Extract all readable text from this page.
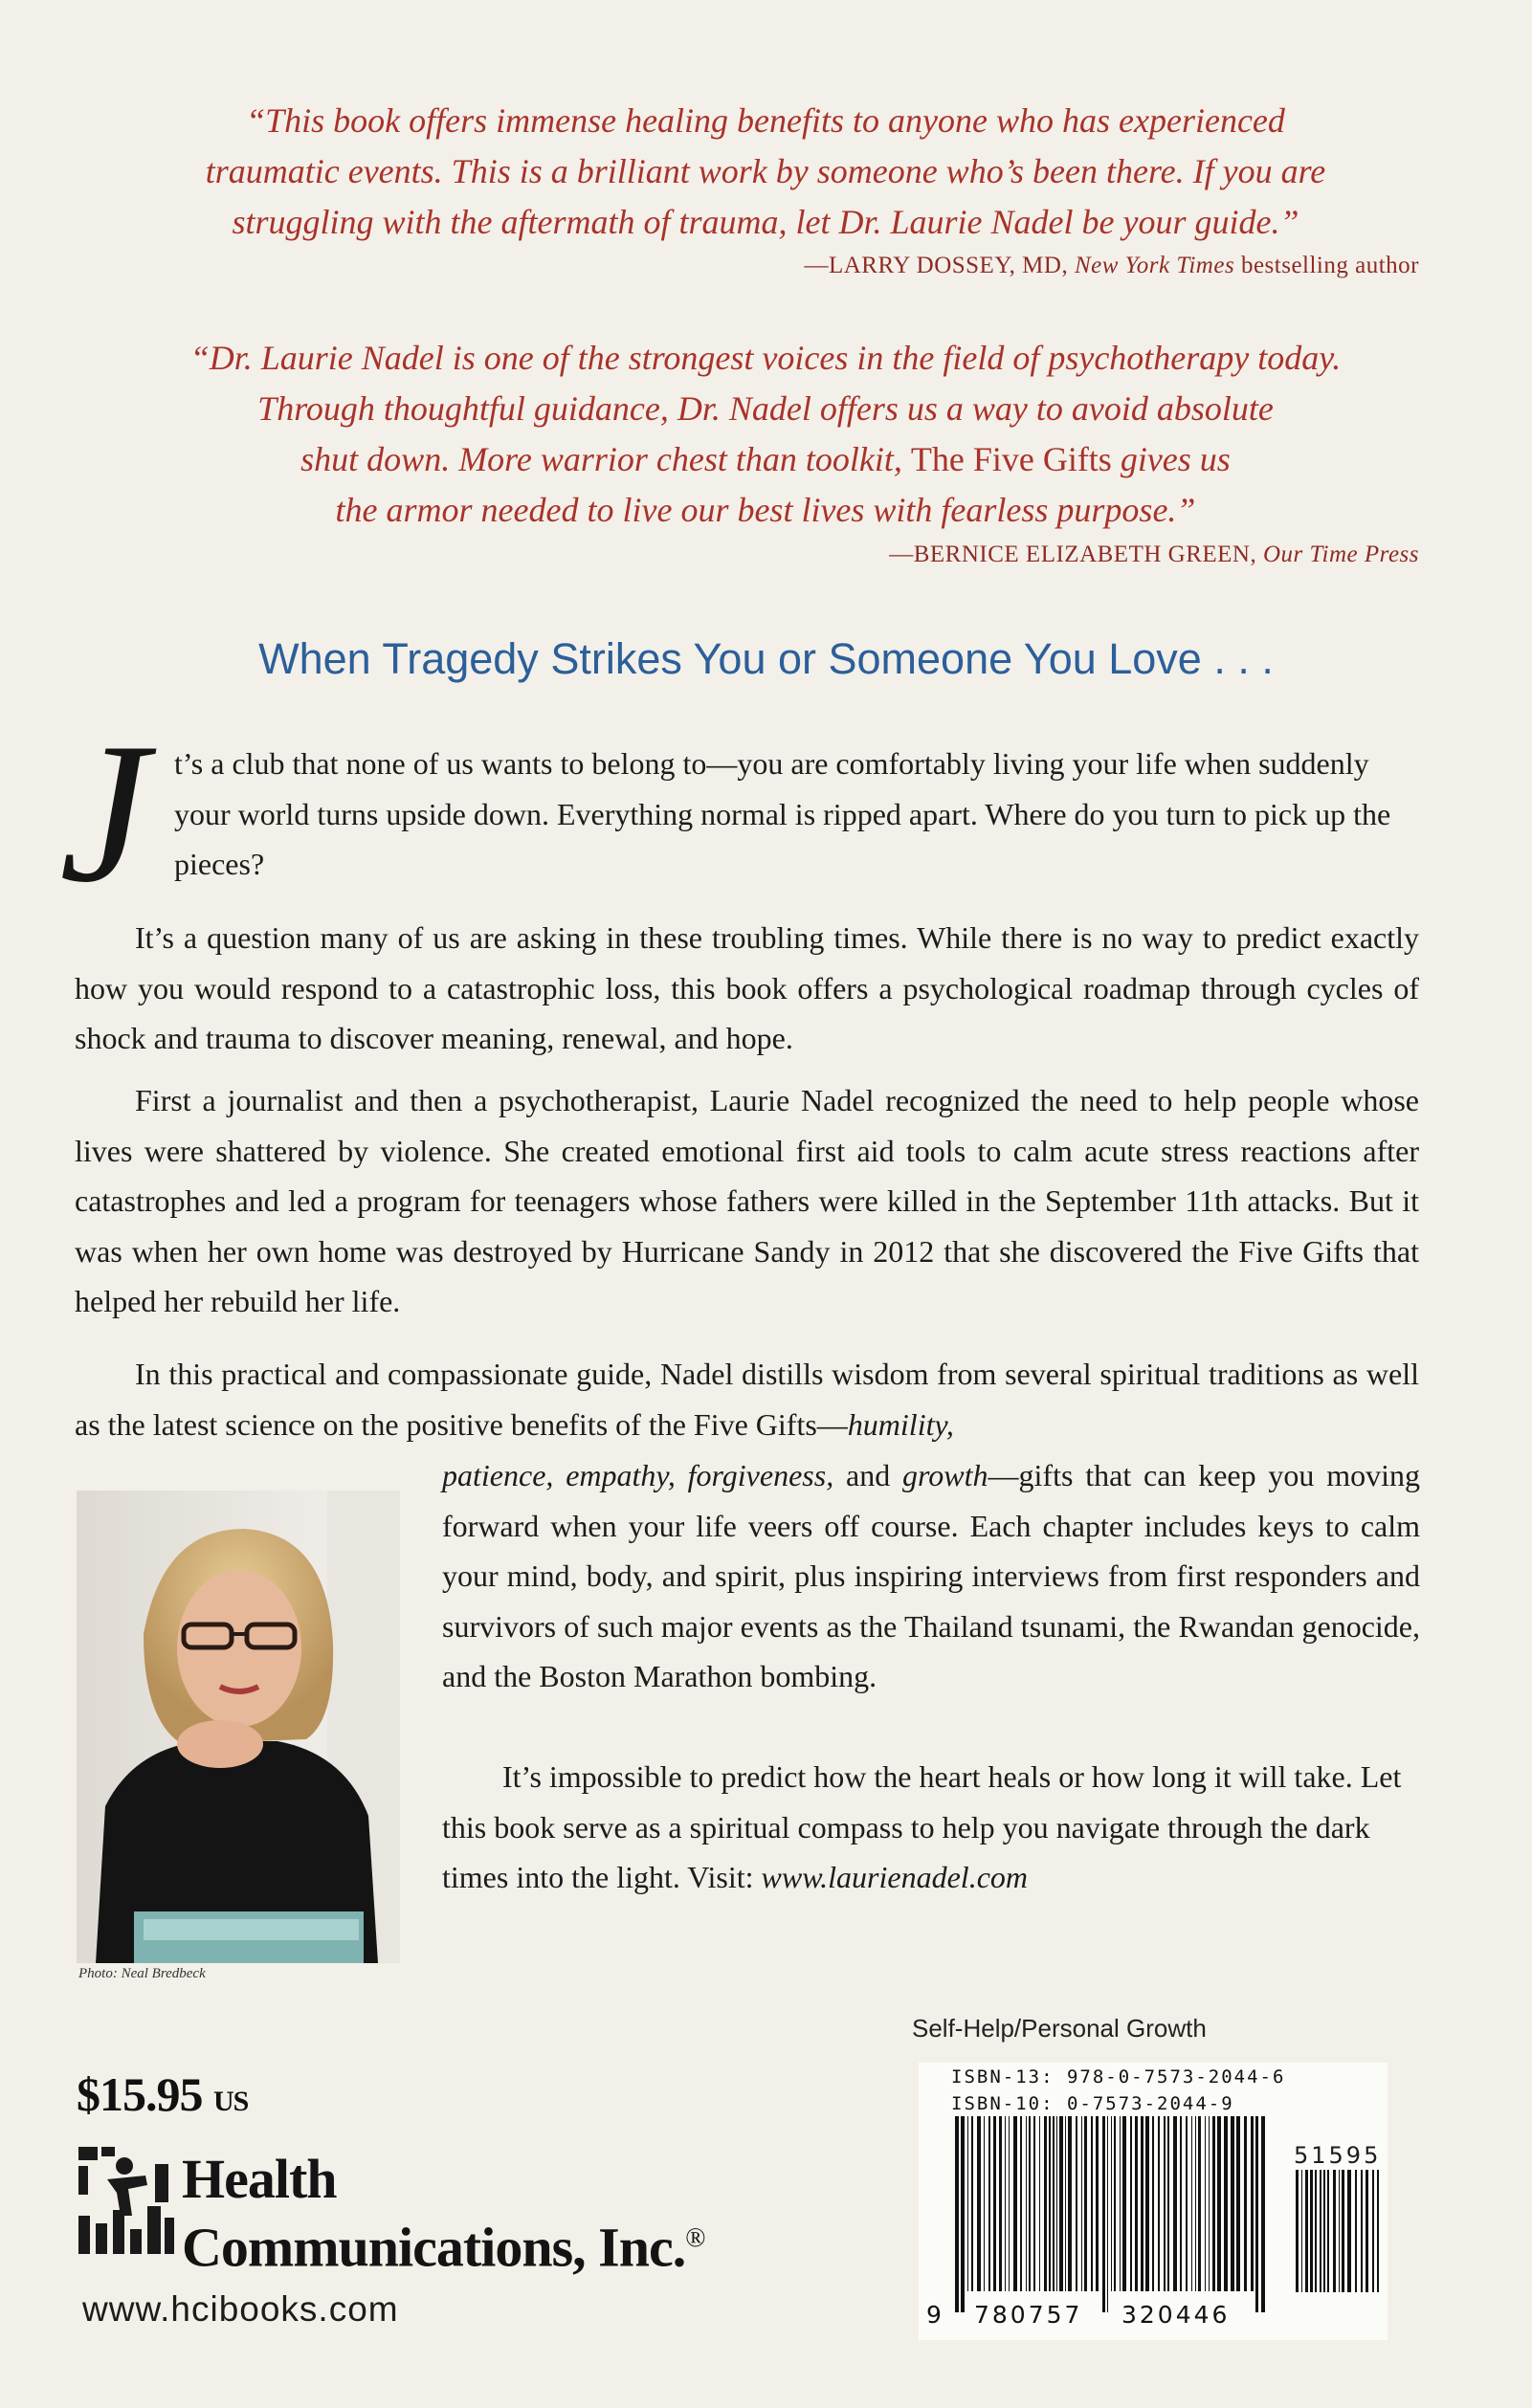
“This book offers immense healing benefits to anyone who has experienced
traumatic events. This is a brilliant work by someone who’s been there. If you are
struggling with the aftermath of trauma, let Dr. Laurie Nadel be your guide.”
—LARRY DOSSEY, MD, New York Times bestselling author
“Dr. Laurie Nadel is one of the strongest voices in the field of psychotherapy today.
Through thoughtful guidance, Dr. Nadel offers us a way to avoid absolute
shut down. More warrior chest than toolkit, The Five Gifts gives us
the armor needed to live our best lives with fearless purpose.”
—BERNICE ELIZABETH GREEN, Our Time Press
When Tragedy Strikes You or Someone You Love . . .
J t’s a club that none of us wants to belong to—you are comfortably living your life when suddenly your world turns upside down. Everything normal is ripped apart. Where do you turn to pick up the pieces?
It’s a question many of us are asking in these troubling times. While there is no way to predict exactly how you would respond to a catastrophic loss, this book offers a psychological roadmap through cycles of shock and trauma to discover meaning, renewal, and hope.
First a journalist and then a psychotherapist, Laurie Nadel recognized the need to help people whose lives were shattered by violence. She created emotional first aid tools to calm acute stress reactions after catastrophes and led a program for teenagers whose fathers were killed in the September 11th attacks. But it was when her own home was destroyed by Hurricane Sandy in 2012 that she discovered the Five Gifts that helped her rebuild her life.
In this practical and compassionate guide, Nadel distills wisdom from several spiritual traditions as well as the latest science on the positive benefits of the Five Gifts—humility,
patience, empathy, forgiveness, and growth—gifts that can keep you moving forward when your life veers off course. Each chapter includes keys to calm your mind, body, and spirit, plus inspiring interviews from first responders and survivors of such major events as the Thailand tsunami, the Rwandan genocide, and the Boston Marathon bombing.
It’s impossible to predict how the heart heals or how long it will take. Let this book serve as a spiritual compass to help you navigate through the dark times into the light. Visit: www.laurienadel.com
Photo: Neal Bredbeck
Self-Help/Personal Growth
ISBN-13: 978-0-7573-2044-6
ISBN-10: 0-7573-2044-9
51595
9 780757 320446
$15.95 US
Health
Communications, Inc.®
www.hcibooks.com
